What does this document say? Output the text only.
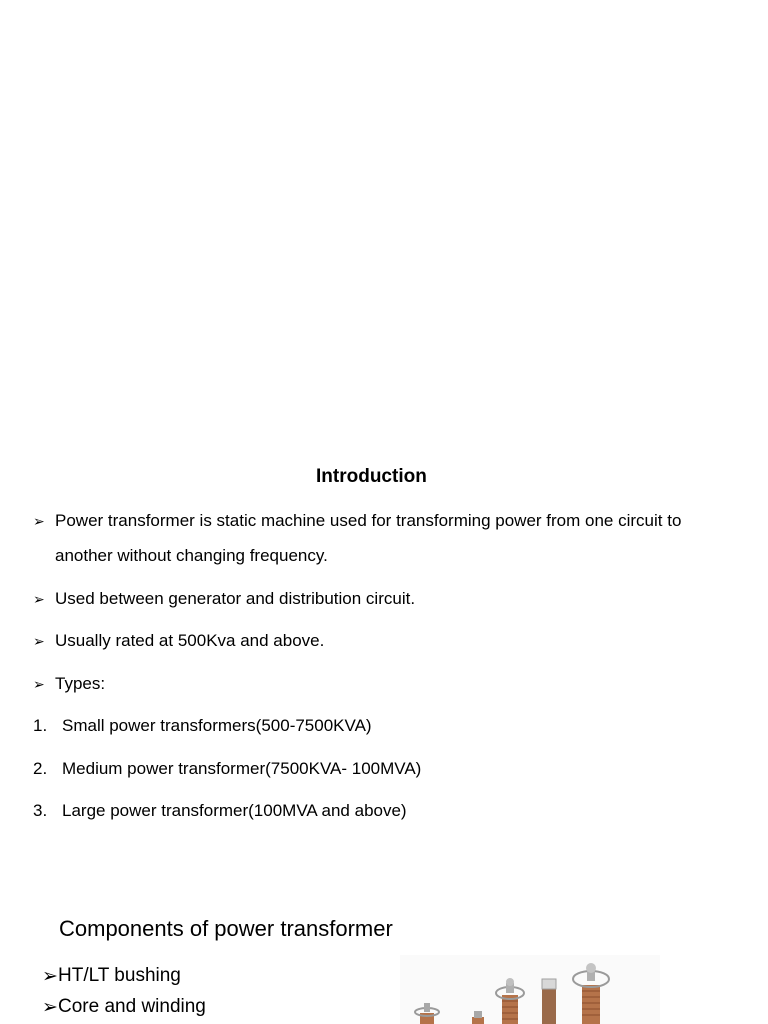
Introduction
➢ Power transformer is static machine used for transforming power from one circuit to
another without changing frequency.
➢ Used between generator and distribution circuit.
➢ Usually rated at 500Kva and above.
➢ Types:
1. Small power transformers(500-7500KVA)
2. Medium power transformer(7500KVA- 100MVA)
3. Large power transformer(100MVA and above)
Components of power transformer
➢ HT/LT bushing
➢ Core and winding
